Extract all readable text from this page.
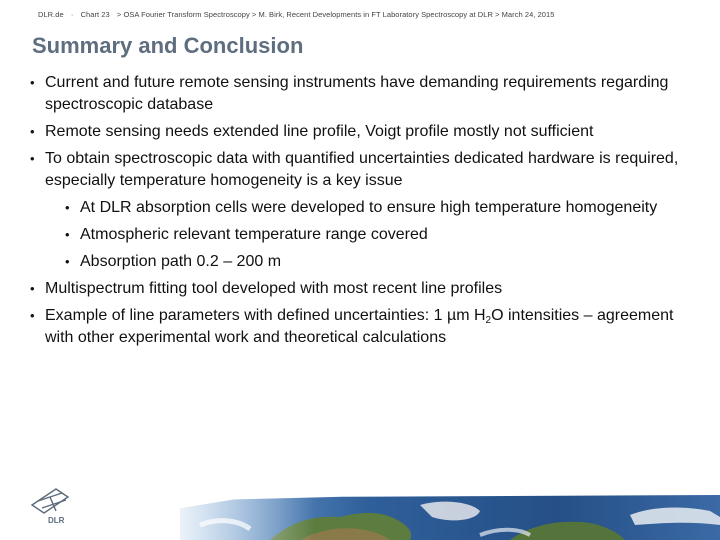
DLR.de · Chart 23 > OSA Fourier Transform Spectroscopy > M. Birk, Recent Developments in FT Laboratory Spectroscopy at DLR > March 24, 2015
Summary and Conclusion
• Current and future remote sensing instruments have demanding requirements regarding spectroscopic database
• Remote sensing needs extended line profile, Voigt profile mostly not sufficient
• To obtain spectroscopic data with quantified uncertainties dedicated hardware is required, especially temperature homogeneity is a key issue
• At DLR absorption cells were developed to ensure high temperature homogeneity
• Atmospheric relevant temperature range covered
• Absorption path 0.2 – 200 m
• Multispectrum fitting tool developed with most recent line profiles
• Example of line parameters with defined uncertainties: 1 µm $H_2O$ intensities – agreement with other experimental work and theoretical calculations
DLR
